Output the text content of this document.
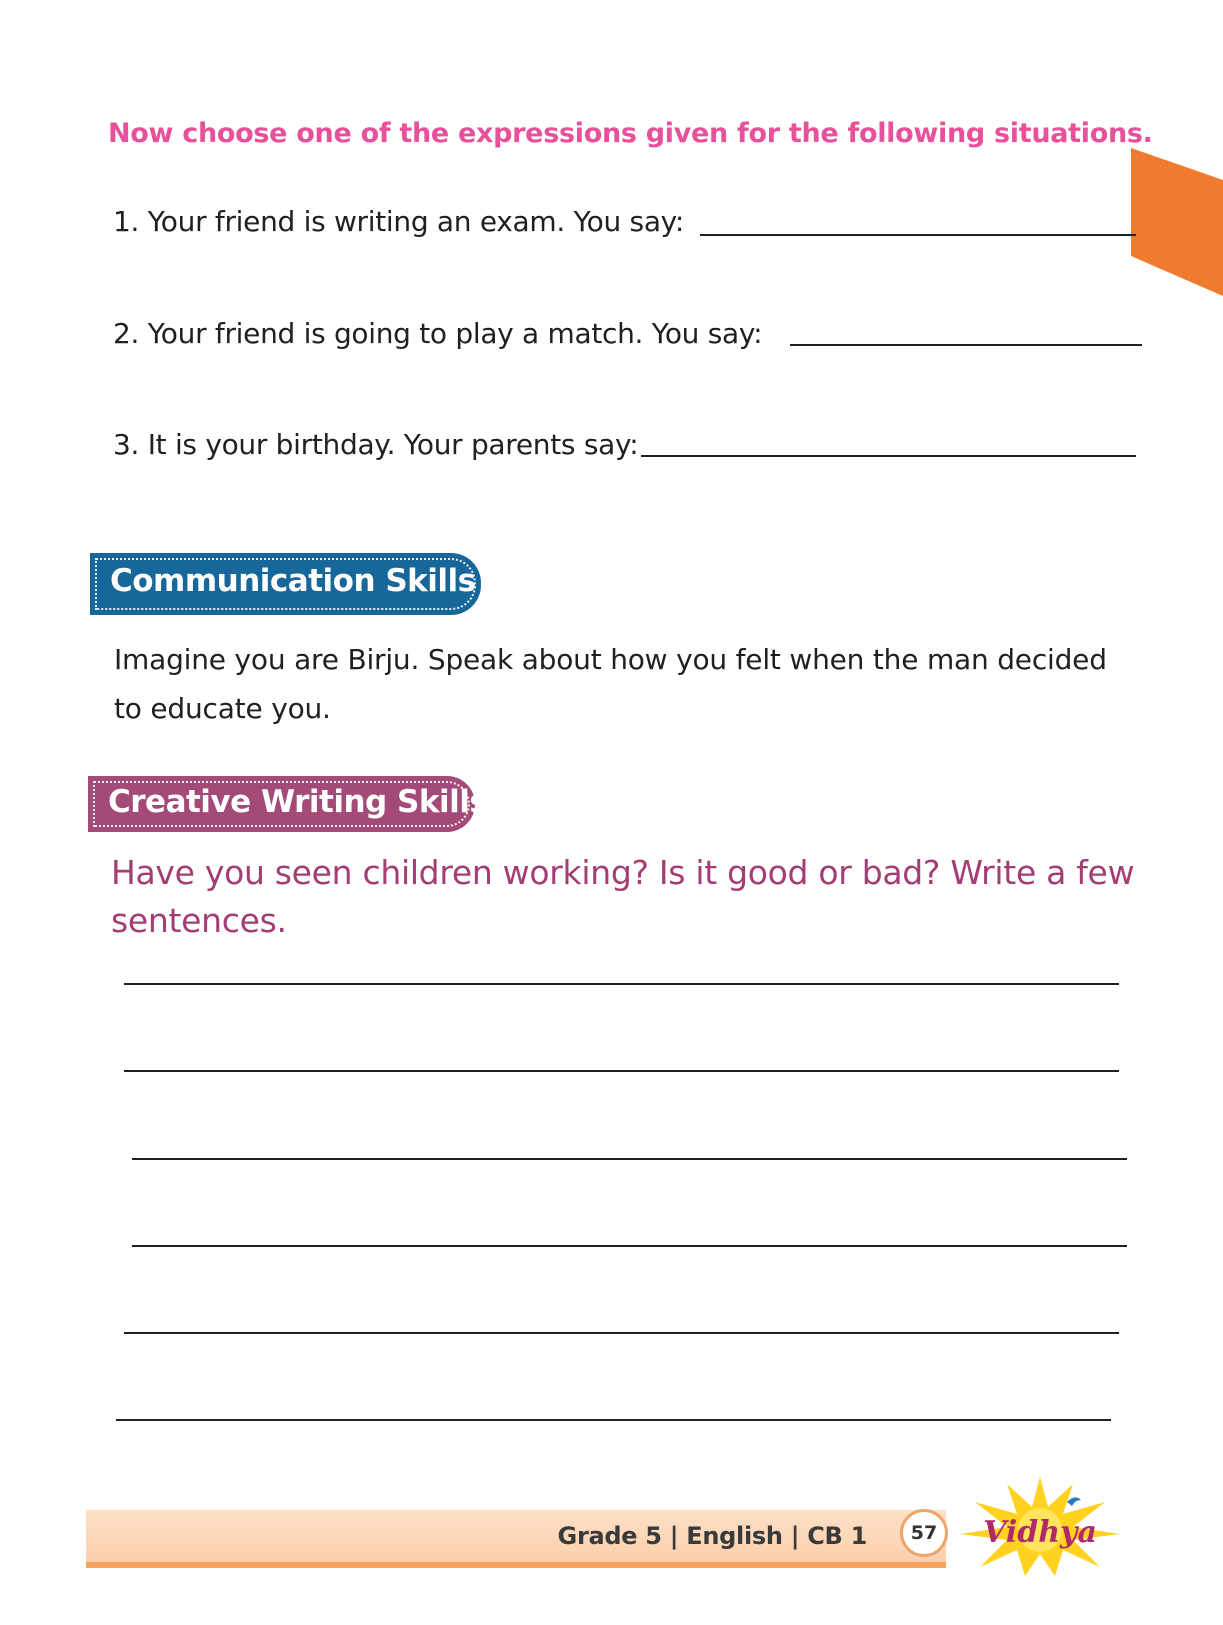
Now choose one of the expressions given for the following situations.
1. Your friend is writing an exam. You say:
2. Your friend is going to play a match. You say:
3. It is your birthday. Your parents say:
Communication Skills
Imagine you are Birju. Speak about how you felt when the man decided
to educate you.
Creative Writing Skills
Have you seen children working? Is it good or bad? Write a few
sentences.
Grade 5 | English | CB 1	57	Vidhya
